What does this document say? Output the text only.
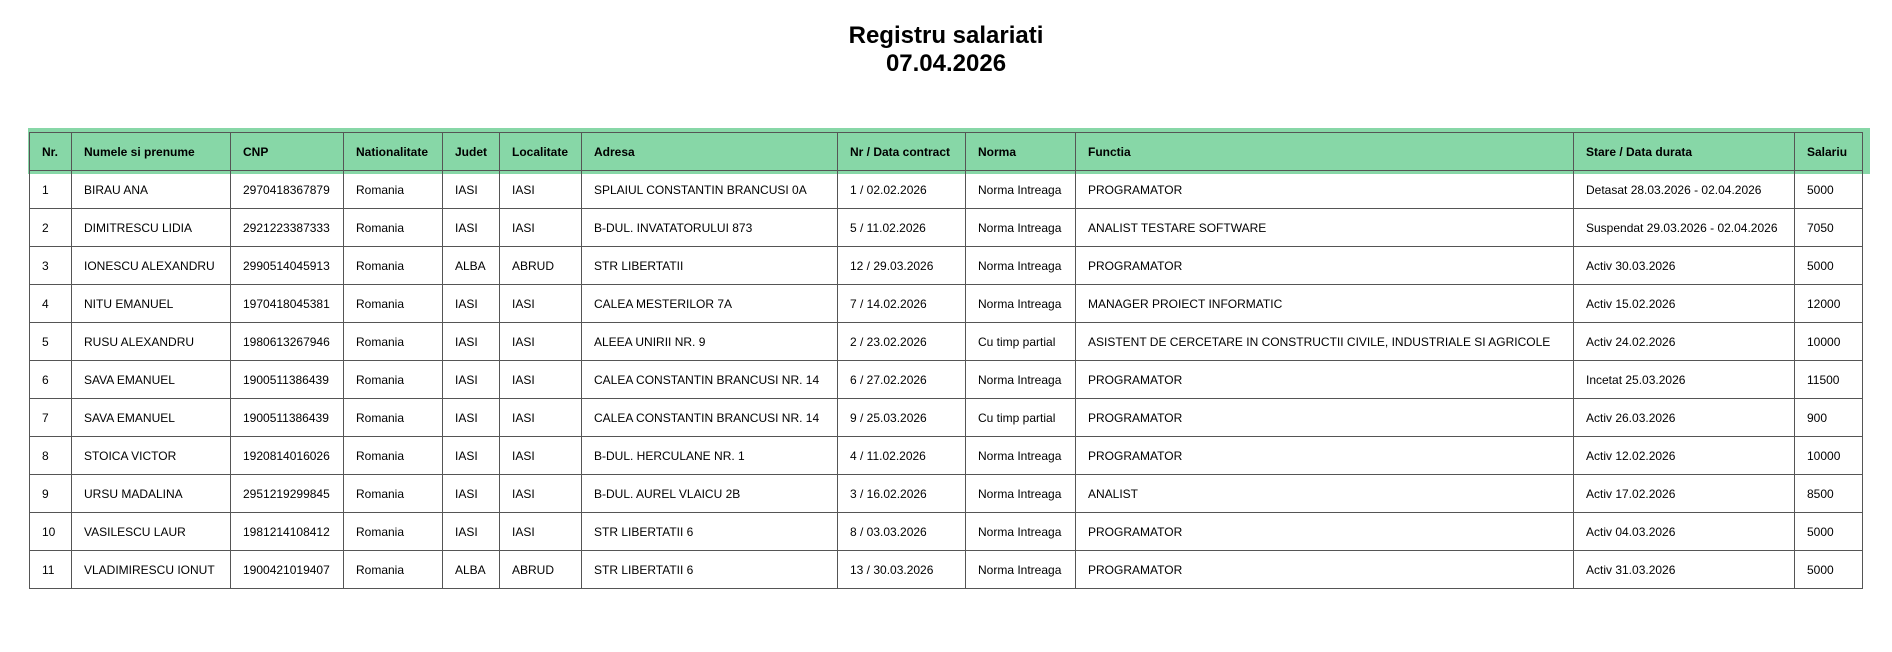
Registru salariati
07.04.2026
Nr.	Numele si prenume	CNP	Nationalitate	Judet	Localitate	Adresa	Nr / Data contract	Norma	Functia	Stare / Data durata	Salariu
1	BIRAU ANA	2970418367879	Romania	IASI	IASI	SPLAIUL CONSTANTIN BRANCUSI 0A	1 / 02.02.2026	Norma Intreaga	PROGRAMATOR	Detasat 28.03.2026 - 02.04.2026	5000
2	DIMITRESCU LIDIA	2921223387333	Romania	IASI	IASI	B-DUL. INVATATORULUI 873	5 / 11.02.2026	Norma Intreaga	ANALIST TESTARE SOFTWARE	Suspendat 29.03.2026 - 02.04.2026	7050
3	IONESCU ALEXANDRU	2990514045913	Romania	ALBA	ABRUD	STR LIBERTATII	12 / 29.03.2026	Norma Intreaga	PROGRAMATOR	Activ 30.03.2026	5000
4	NITU EMANUEL	1970418045381	Romania	IASI	IASI	CALEA MESTERILOR 7A	7 / 14.02.2026	Norma Intreaga	MANAGER PROIECT INFORMATIC	Activ 15.02.2026	12000
5	RUSU ALEXANDRU	1980613267946	Romania	IASI	IASI	ALEEA UNIRII NR. 9	2 / 23.02.2026	Cu timp partial	ASISTENT DE CERCETARE IN CONSTRUCTII CIVILE, INDUSTRIALE SI AGRICOLE	Activ 24.02.2026	10000
6	SAVA EMANUEL	1900511386439	Romania	IASI	IASI	CALEA CONSTANTIN BRANCUSI NR. 14	6 / 27.02.2026	Norma Intreaga	PROGRAMATOR	Incetat 25.03.2026	11500
7	SAVA EMANUEL	1900511386439	Romania	IASI	IASI	CALEA CONSTANTIN BRANCUSI NR. 14	9 / 25.03.2026	Cu timp partial	PROGRAMATOR	Activ 26.03.2026	900
8	STOICA VICTOR	1920814016026	Romania	IASI	IASI	B-DUL. HERCULANE NR. 1	4 / 11.02.2026	Norma Intreaga	PROGRAMATOR	Activ 12.02.2026	10000
9	URSU MADALINA	2951219299845	Romania	IASI	IASI	B-DUL. AUREL VLAICU 2B	3 / 16.02.2026	Norma Intreaga	ANALIST	Activ 17.02.2026	8500
10	VASILESCU LAUR	1981214108412	Romania	IASI	IASI	STR LIBERTATII 6	8 / 03.03.2026	Norma Intreaga	PROGRAMATOR	Activ 04.03.2026	5000
11	VLADIMIRESCU IONUT	1900421019407	Romania	ALBA	ABRUD	STR LIBERTATII 6	13 / 30.03.2026	Norma Intreaga	PROGRAMATOR	Activ 31.03.2026	5000
